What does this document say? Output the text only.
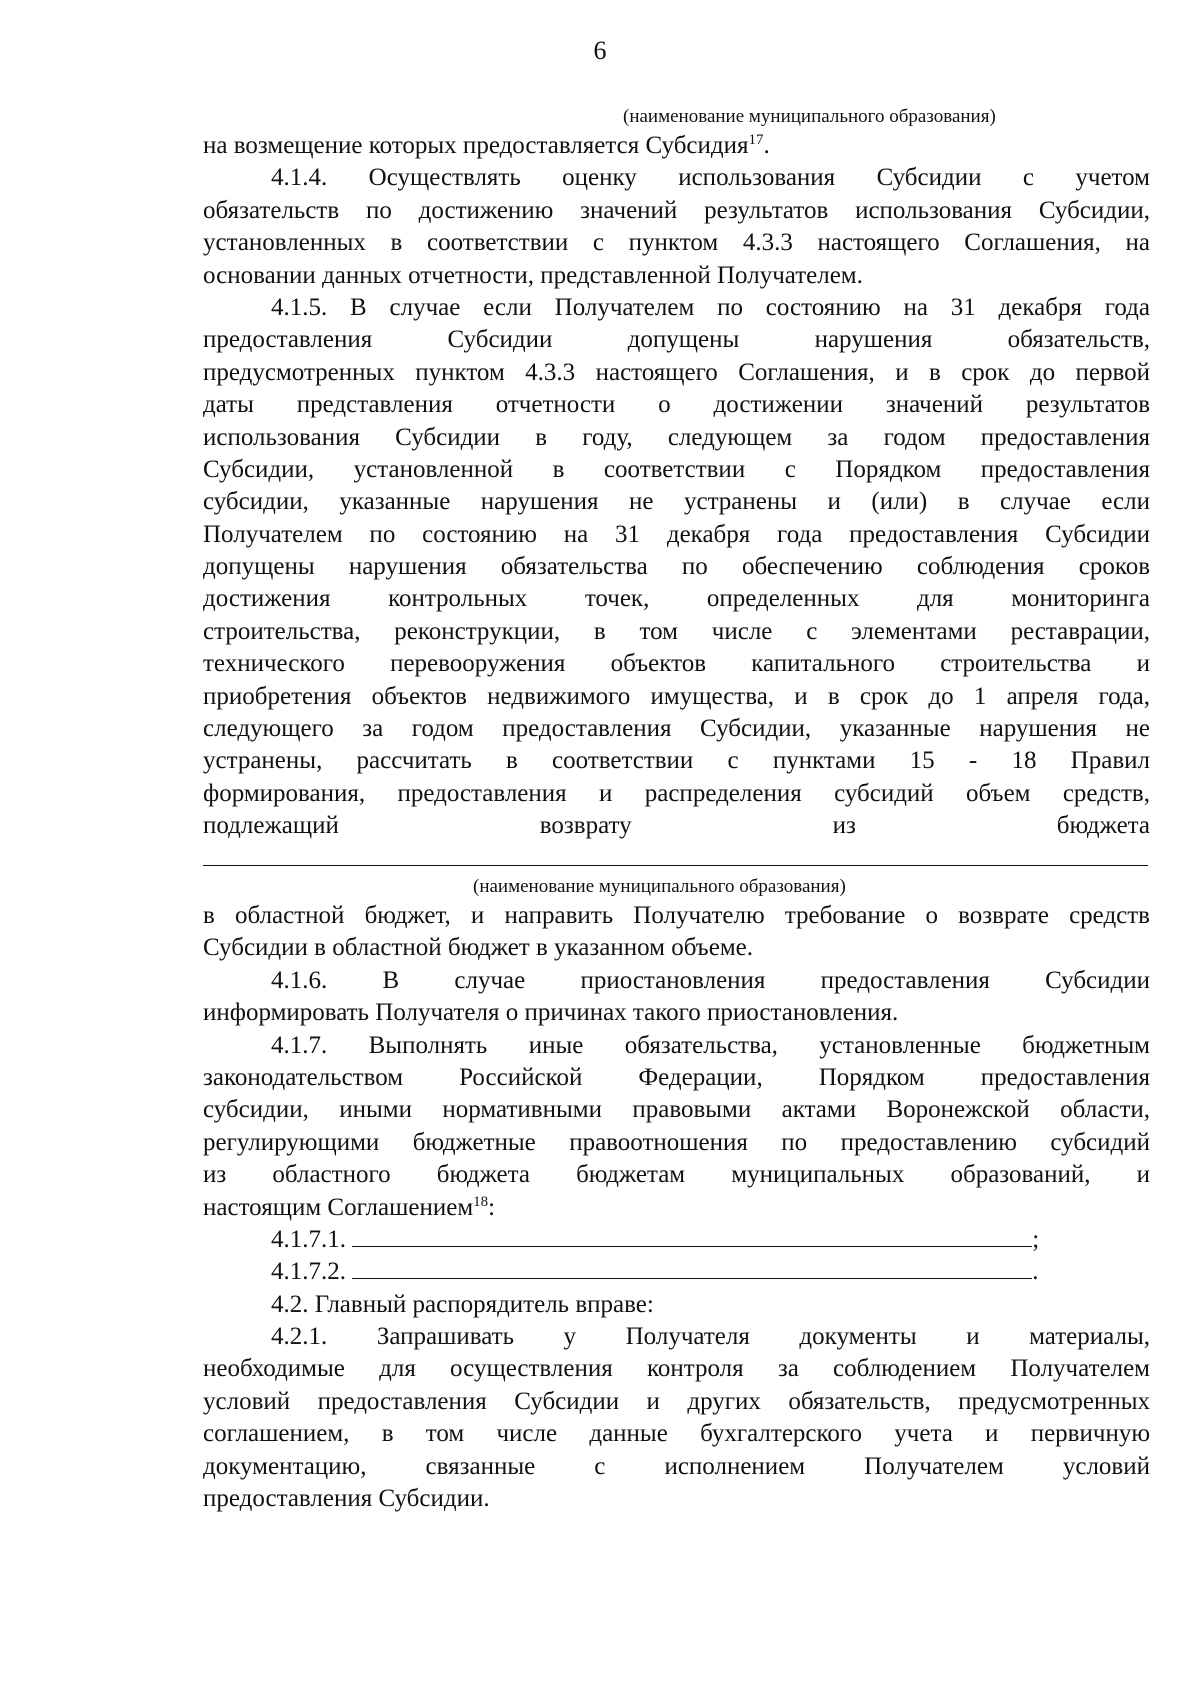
6
(наименование муниципального образования)
на возмещение которых предоставляется Субсидия$^{17}$.
4.1.4. Осуществлять оценку использования Субсидии с учетом
обязательств по достижению значений результатов использования Субсидии,
установленных в соответствии с пунктом 4.3.3 настоящего Соглашения, на
основании данных отчетности, представленной Получателем.
4.1.5. В случае если Получателем по состоянию на 31 декабря года
предоставления Субсидии допущены нарушения обязательств,
предусмотренных пунктом 4.3.3 настоящего Соглашения, и в срок до первой
даты представления отчетности о достижении значений результатов
использования Субсидии в году, следующем за годом предоставления
Субсидии, установленной в соответствии с Порядком предоставления
субсидии, указанные нарушения не устранены и (или) в случае если
Получателем по состоянию на 31 декабря года предоставления Субсидии
допущены нарушения обязательства по обеспечению соблюдения сроков
достижения контрольных точек, определенных для мониторинга
строительства, реконструкции, в том числе с элементами реставрации,
технического перевооружения объектов капитального строительства и
приобретения объектов недвижимого имущества, и в срок до 1 апреля года,
следующего за годом предоставления Субсидии, указанные нарушения не
устранены, рассчитать в соответствии с пунктами 15 - 18 Правил
формирования, предоставления и распределения субсидий объем средств,
подлежащий возврату из бюджета
(наименование муниципального образования)
в областной бюджет, и направить Получателю требование о возврате средств
Субсидии в областной бюджет в указанном объеме.
4.1.6. В случае приостановления предоставления Субсидии
информировать Получателя о причинах такого приостановления.
4.1.7. Выполнять иные обязательства, установленные бюджетным
законодательством Российской Федерации, Порядком предоставления
субсидии, иными нормативными правовыми актами Воронежской области,
регулирующими бюджетные правоотношения по предоставлению субсидий
из областного бюджета бюджетам муниципальных образований, и
настоящим Соглашением$^{18}$:
4.1.7.1.	;
4.1.7.2.	.
4.2. Главный распорядитель вправе:
4.2.1. Запрашивать у Получателя документы и материалы,
необходимые для осуществления контроля за соблюдением Получателем
условий предоставления Субсидии и других обязательств, предусмотренных
соглашением, в том числе данные бухгалтерского учета и первичную
документацию, связанные с исполнением Получателем условий
предоставления Субсидии.
